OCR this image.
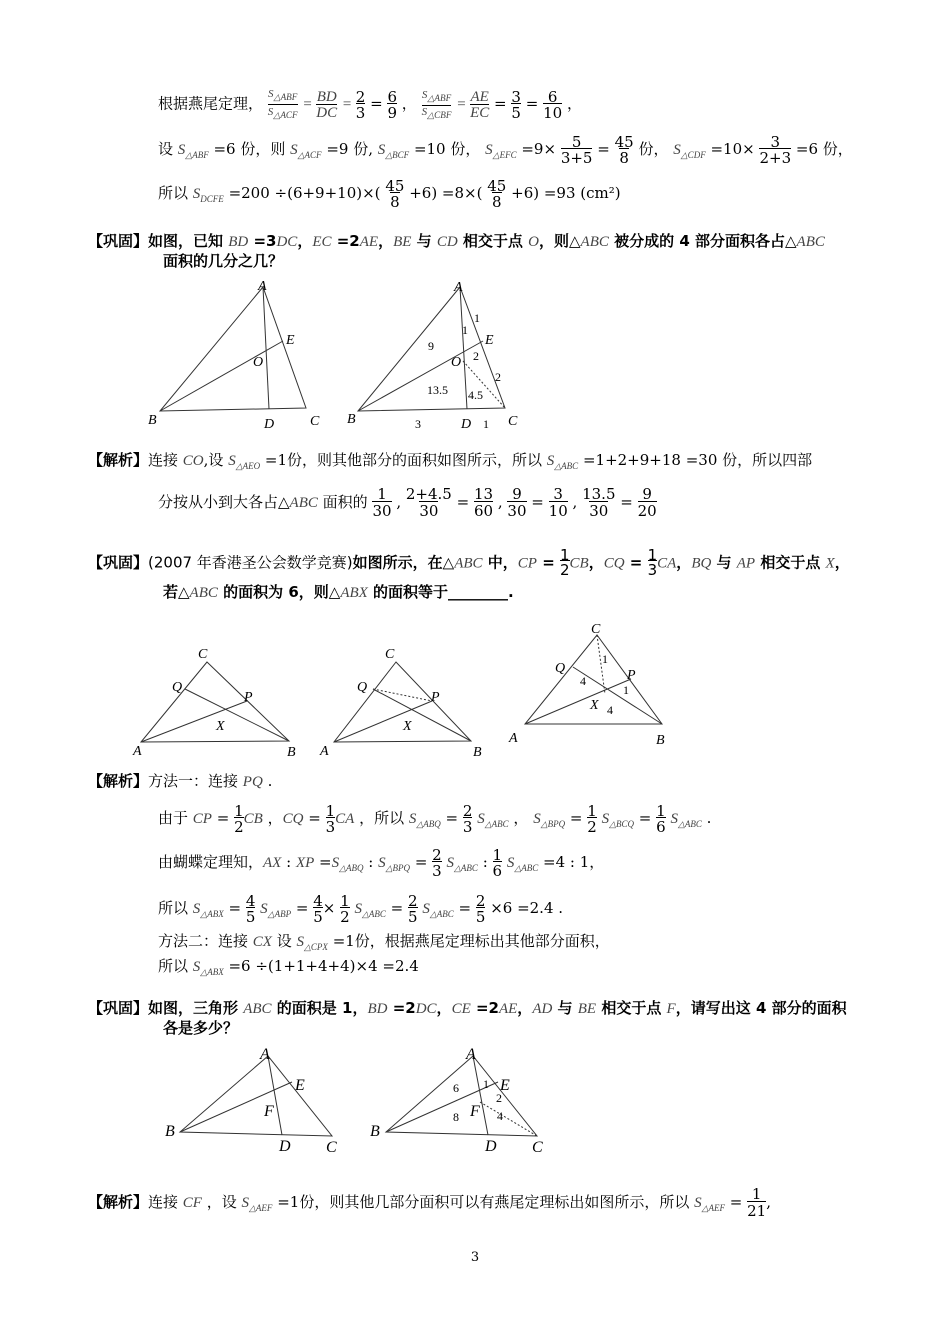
根据燕尾定理， $S_{\triangle ABF}$
$S_{\triangle ACF}$ = BD
DC = 2
3 = 6
9 ， $S_{\triangle ABF}$
$S_{\triangle CBF}$ = AE
EC = 3
5 = 6
10 ，
设 $S_{\triangle ABF} =6$ 份，则 $S_{\triangle ACF} =9$ 份, $S_{\triangle BCF} =10$ 份， $S_{\triangle EFC} =9\times 5$
3+5 = 45
8 份， $S_{\triangle CDF} =10\times 3$
2+3 =6 份，
所以 $S_{DCFE} =200 \div(6+9+10)\times$( 45
8 +6) =8×( 45
8 +6) =93 (cm²)
【巩固】如图，已知 BD =3DC，EC =2AE，BE 与 CD 相交于点 O，则△ABC 被分成的 4 部分面积各占△ABC
面积的几分之几？
A
B	C
D
E
O
A
B	C
D
E
O
1
1
9
2
2
13.5 4.5
3	1
【解析】连接 CO,设 $S_{\triangle AEO} =1$份，则其他部分的面积如图所示，所以 $S_{\triangle ABC} =1+2+9+18 =30$ 份，所以四部
分按从小到大各占△ABC 面积的 1
30 , 2+4.5
30 = 13
60 , 9
30 = 3
10 , 13.5
30 = 9
20
【巩固】(2007 年香港圣公会数学竞赛)如图所示，在△ABC 中，CP = 1
2CB，CQ = 1
3CA，BQ 与 AP 相交于点 X，
若△ABC 的面积为 6，则△ABX 的面积等于________.
C
Q
P
X
A	B
C
Q
P
X
A	B
C
Q	P
X
A	B
1
4
1
4
【解析】方法一：连接 PQ .
由于 CP = 1
2CB ，CQ = 1
3CA ，所以 $S_{\triangle ABQ} = 2$
3 $S_{\triangle ABC}$ ， $S_{\triangle BPQ} = 1$
2 $S_{\triangle BCQ} = 1$
6 $S_{\triangle ABC}$ .
由蝴蝶定理知，AX : XP $=S_{\triangle ABQ}$ : $S_{\triangle BPQ} = 2$
3 $S_{\triangle ABC}$ : 1
6 $S_{\triangle ABC} =4$ : 1，
所以 $S_{\triangle ABX} = 4$
5 $S_{\triangle ABP} = 4$
5× 1
2 $S_{\triangle ABC} = 2$
5 $S_{\triangle ABC} = 2$
5 ×6 =2.4 .
方法二：连接 CX 设 $S_{\triangle CPX} =1$份，根据燕尾定理标出其他部分面积，
所以 $S_{\triangle ABX} =6 \div(1+1+4+4)\times 4 =2.4$
【巩固】如图，三角形 ABC 的面积是 1，BD =2DC，CE =2AE，AD 与 BE 相交于点 F，请写出这 4 部分的面积
各是多少？
A
E
F
B
D C
A
E
F
B
D C
6 1
2
8	4
【解析】连接 CF ，设 $S_{\triangle AEF} =1$份，则其他几部分面积可以有燕尾定理标出如图所示，所以 $S_{\triangle AEF} = 1$
21,
3
